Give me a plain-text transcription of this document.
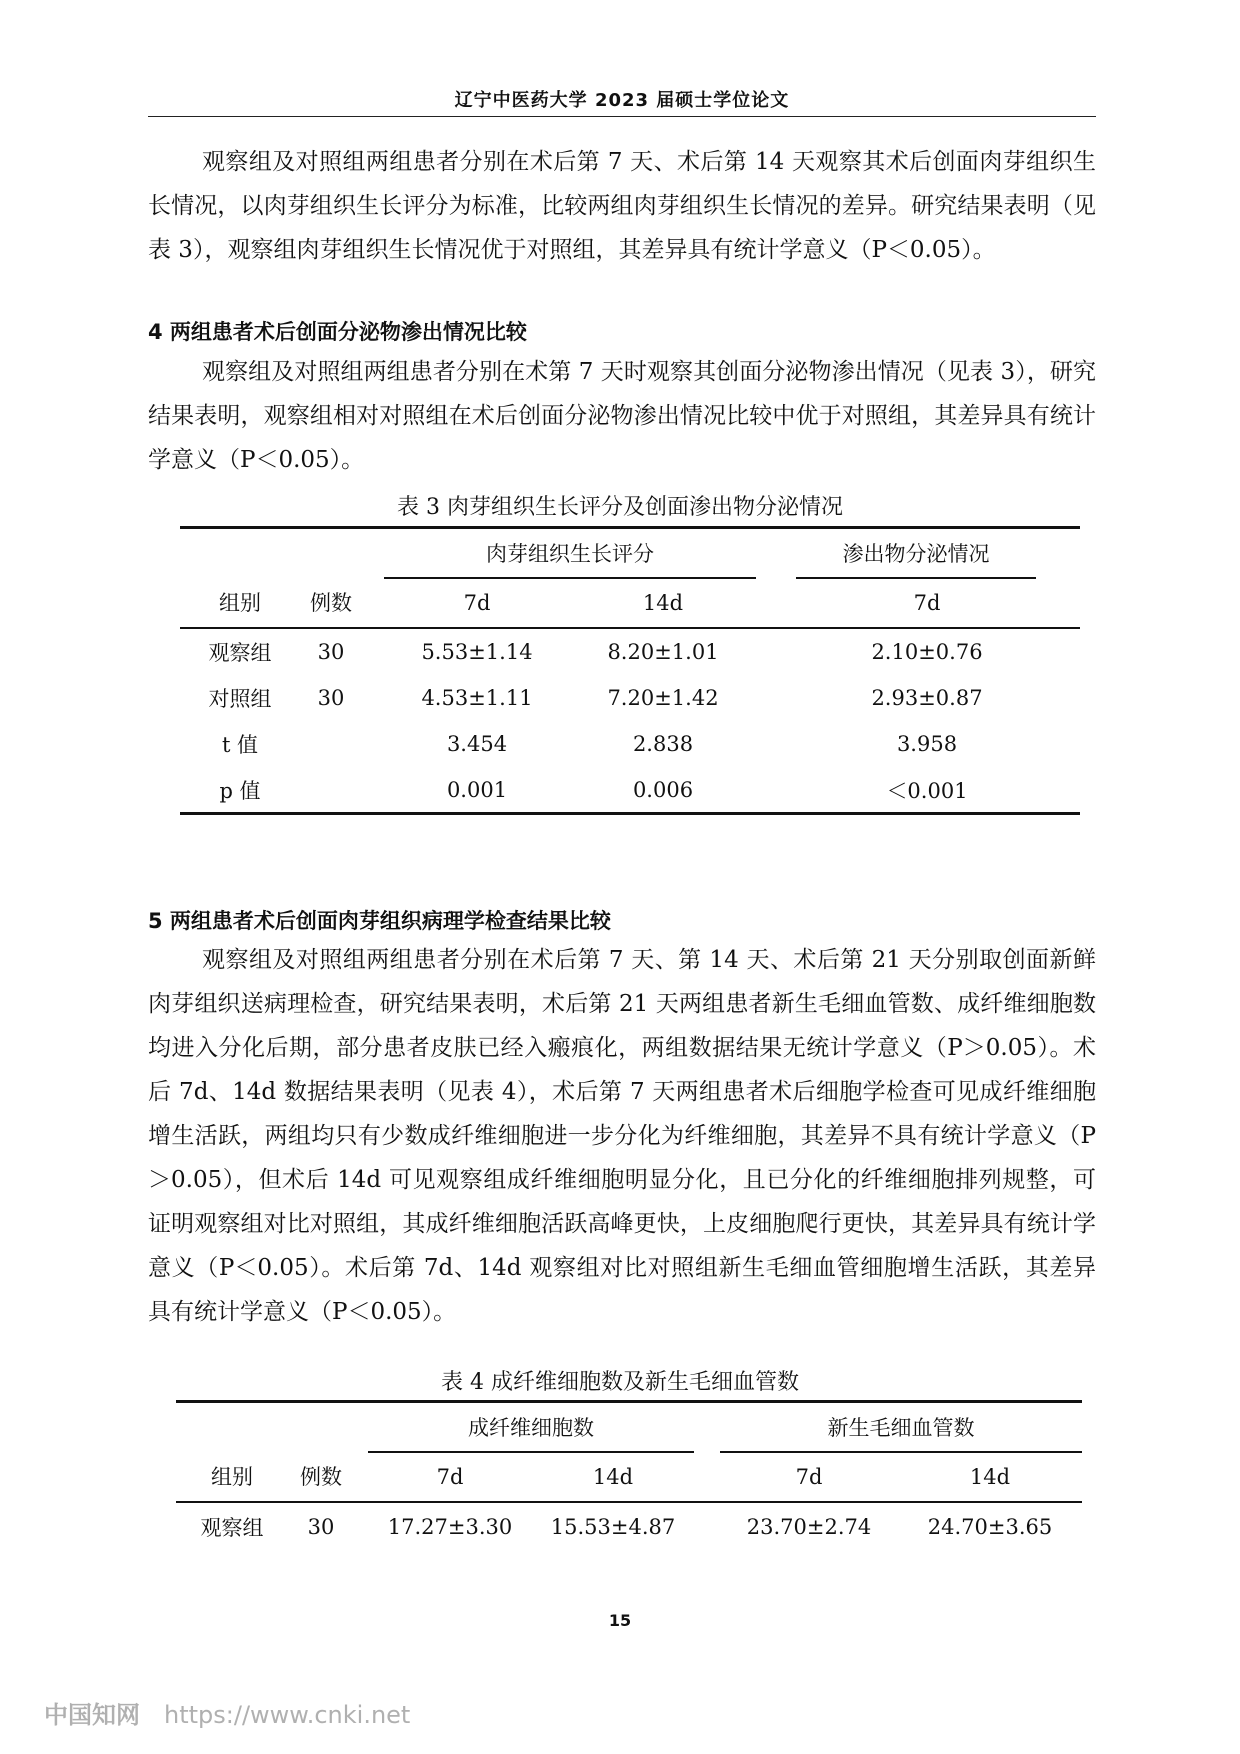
辽宁中医药大学 2023 届硕士学位论文

观察组及对照组两组患者分别在术后第 7 天、术后第 14 天观察其术后创面肉芽组织生长情况，以肉芽组织生长评分为标准，比较两组肉芽组织生长情况的差异。研究结果表明（见表 3），观察组肉芽组织生长情况优于对照组，其差异具有统计学意义（P＜0.05）。

4 两组患者术后创面分泌物渗出情况比较

观察组及对照组两组患者分别在术第 7 天时观察其创面分泌物渗出情况（见表 3），研究结果表明，观察组相对对照组在术后创面分泌物渗出情况比较中优于对照组，其差异具有统计学意义（P＜0.05）。

表 3 肉芽组织生长评分及创面渗出物分泌情况
			肉芽组织生长评分			渗出物分泌情况		
组别	例数		7d	14d			7d	
观察组	30		5.53±1.14	8.20±1.01			2.10±0.76	
对照组	30		4.53±1.11	7.20±1.42			2.93±0.87	
t 值			3.454	2.838			3.958	
p 值			0.001	0.006			＜0.001	

5 两组患者术后创面肉芽组织病理学检查结果比较

观察组及对照组两组患者分别在术后第 7 天、第 14 天、术后第 21 天分别取创面新鲜肉芽组织送病理检查，研究结果表明，术后第 21 天两组患者新生毛细血管数、成纤维细胞数均进入分化后期，部分患者皮肤已经入瘢痕化，两组数据结果无统计学意义（P＞0.05）。术后 7d、14d 数据结果表明（见表 4），术后第 7 天两组患者术后细胞学检查可见成纤维细胞增生活跃，两组均只有少数成纤维细胞进一步分化为纤维细胞，其差异不具有统计学意义（P＞0.05），但术后 14d 可见观察组成纤维细胞明显分化，且已分化的纤维细胞排列规整，可证明观察组对比对照组，其成纤维细胞活跃高峰更快，上皮细胞爬行更快，其差异具有统计学意义（P＜0.05）。术后第 7d、14d 观察组对比对照组新生毛细血管细胞增生活跃，其差异具有统计学意义（P＜0.05）。

表 4 成纤维细胞数及新生毛细血管数
			成纤维细胞数			新生毛细血管数	
组别	例数		7d	14d		7d	14d
观察组	30		17.27±3.30	15.53±4.87		23.70±2.74	24.70±3.65
15
中国知网 https://www.cnki.net
